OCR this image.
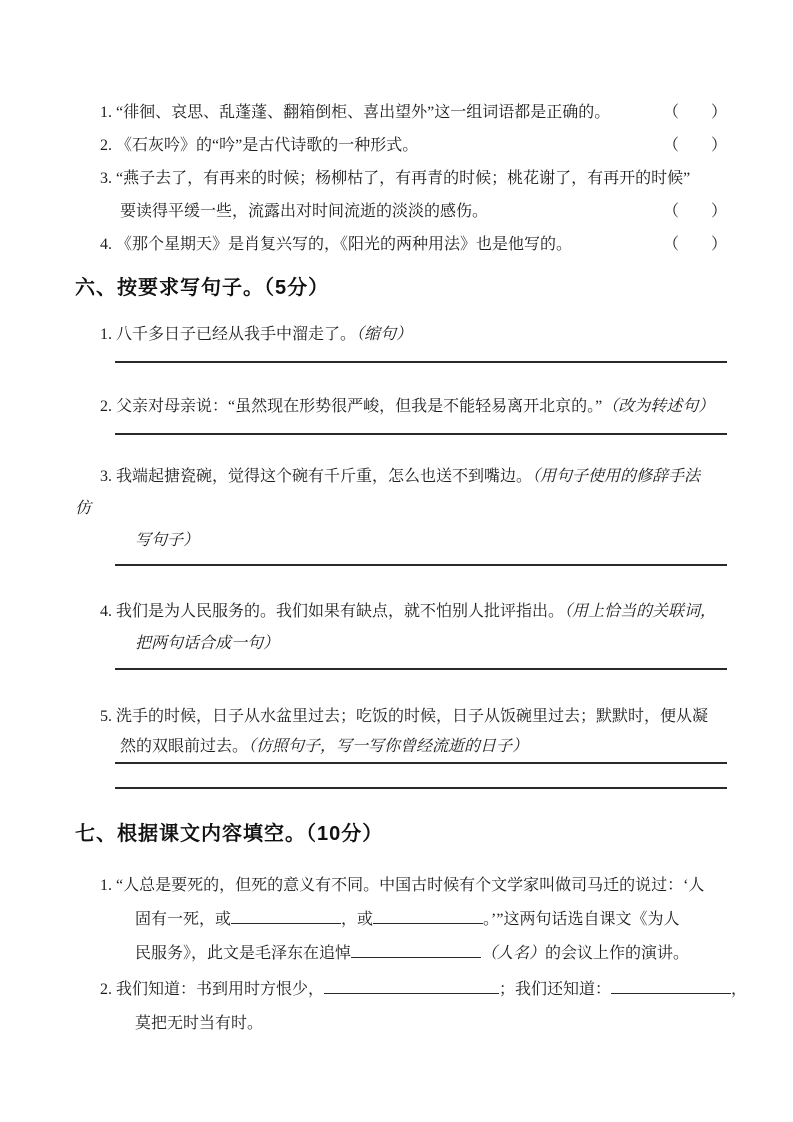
1. “徘徊、哀思、乱蓬蓬、翻箱倒柜、喜出望外”这一组词语都是正确的。	（　　）
2. 《石灰吟》的“吟”是古代诗歌的一种形式。	（　　）
3. “燕子去了，有再来的时候；杨柳枯了，有再青的时候；桃花谢了，有再开的时候”
要读得平缓一些，流露出对时间流逝的淡淡的感伤。	（　　）
4. 《那个星期天》是肖复兴写的，《阳光的两种用法》也是他写的。	（　　）
六、按要求写句子。（5分）
1. 八千多日子已经从我手中溜走了。（缩句）
2. 父亲对母亲说：“虽然现在形势很严峻，但我是不能轻易离开北京的。”（改为转述句）
3. 我端起搪瓷碗，觉得这个碗有千斤重，怎么也送不到嘴边。（用句子使用的修辞手法
仿
写句子）
4. 我们是为人民服务的。我们如果有缺点，就不怕别人批评指出。（用上恰当的关联词，
把两句话合成一句）
5. 洗手的时候，日子从水盆里过去；吃饭的时候，日子从饭碗里过去；默默时，便从凝
然的双眼前过去。（仿照句子，写一写你曾经流逝的日子）
七、根据课文内容填空。（10分）
1. “人总是要死的，但死的意义有不同。中国古时候有个文学家叫做司马迁的说过：‘人
固有一死，或	，或	。’”这两句话选自课文《为人
民服务》，此文是毛泽东在追悼	（人名）的会议上作的演讲。
2. 我们知道：书到用时方恨少，	；我们还知道：	，
莫把无时当有时。
